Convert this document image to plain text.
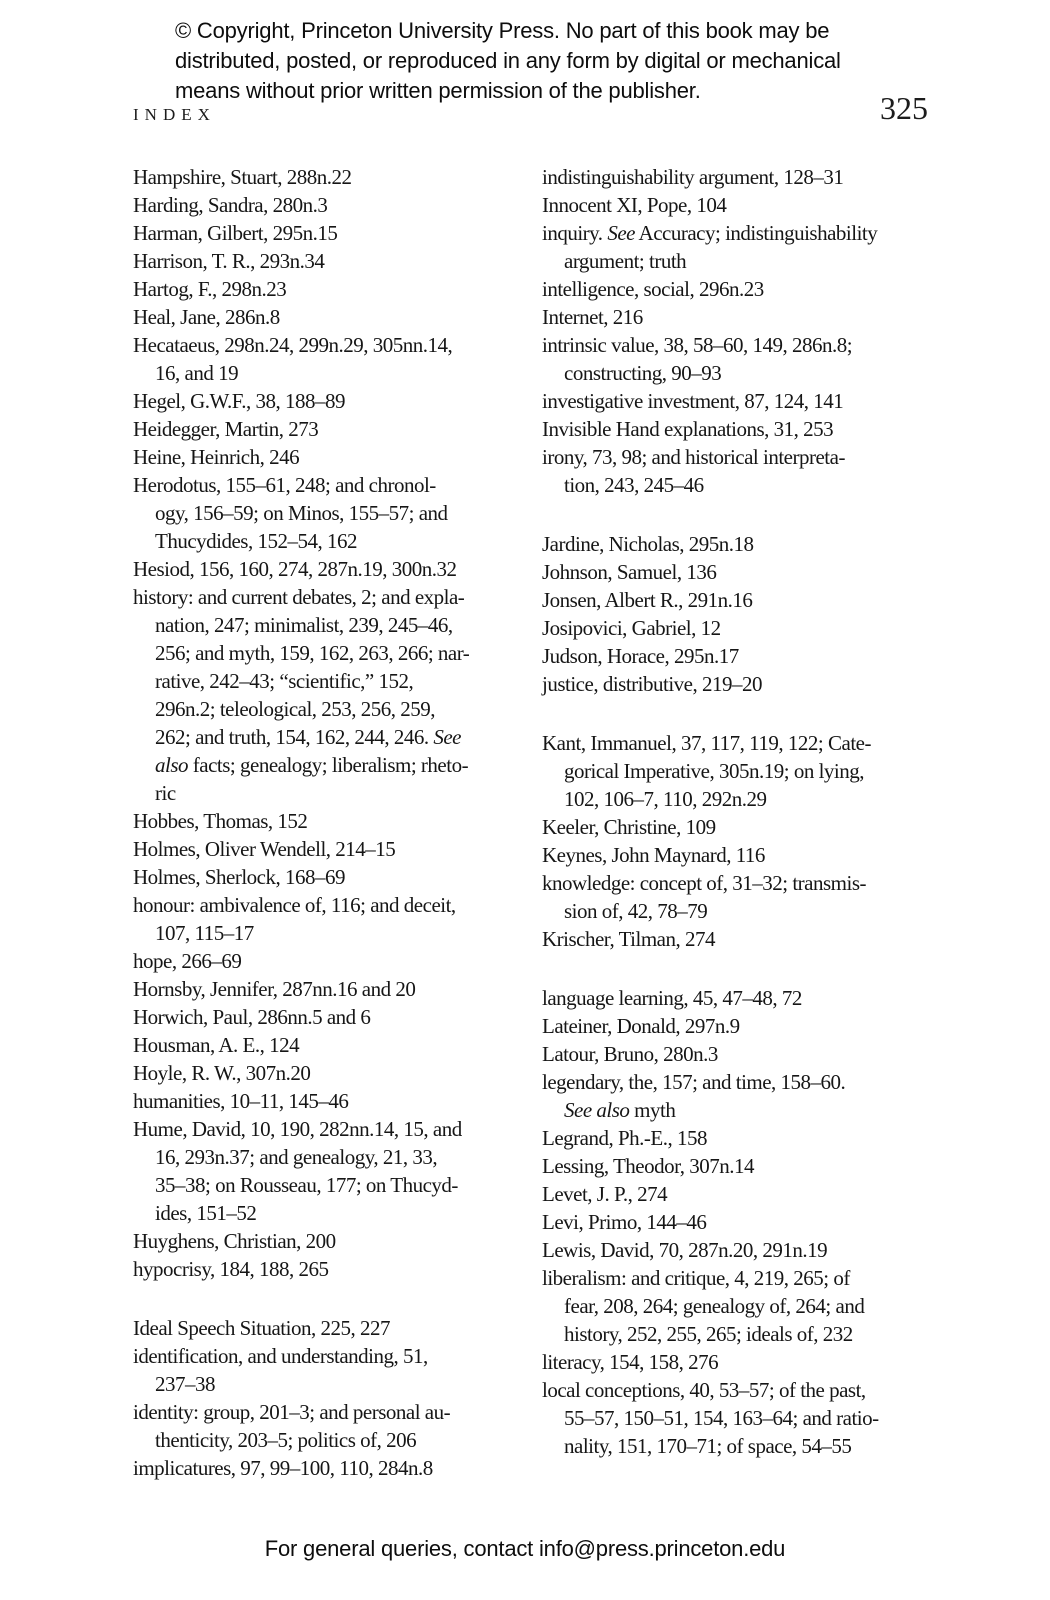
© Copyright, Princeton University Press. No part of this book may be
distributed, posted, or reproduced in any form by digital or mechanical
means without prior written permission of the publisher.
INDEX	325
Hampshire, Stuart, 288n.22
Harding, Sandra, 280n.3
Harman, Gilbert, 295n.15
Harrison, T. R., 293n.34
Hartog, F., 298n.23
Heal, Jane, 286n.8
Hecataeus, 298n.24, 299n.29, 305nn.14,
16, and 19
Hegel, G.W.F., 38, 188–89
Heidegger, Martin, 273
Heine, Heinrich, 246
Herodotus, 155–61, 248; and chronol-
ogy, 156–59; on Minos, 155–57; and
Thucydides, 152–54, 162
Hesiod, 156, 160, 274, 287n.19, 300n.32
history: and current debates, 2; and expla-
nation, 247; minimalist, 239, 245–46,
256; and myth, 159, 162, 263, 266; nar-
rative, 242–43; “scientific,” 152,
296n.2; teleological, 253, 256, 259,
262; and truth, 154, 162, 244, 246. See
also facts; genealogy; liberalism; rheto-
ric
Hobbes, Thomas, 152
Holmes, Oliver Wendell, 214–15
Holmes, Sherlock, 168–69
honour: ambivalence of, 116; and deceit,
107, 115–17
hope, 266–69
Hornsby, Jennifer, 287nn.16 and 20
Horwich, Paul, 286nn.5 and 6
Housman, A. E., 124
Hoyle, R. W., 307n.20
humanities, 10–11, 145–46
Hume, David, 10, 190, 282nn.14, 15, and
16, 293n.37; and genealogy, 21, 33,
35–38; on Rousseau, 177; on Thucyd-
ides, 151–52
Huyghens, Christian, 200
hypocrisy, 184, 188, 265
Ideal Speech Situation, 225, 227
identification, and understanding, 51,
237–38
identity: group, 201–3; and personal au-
thenticity, 203–5; politics of, 206
implicatures, 97, 99–100, 110, 284n.8
indistinguishability argument, 128–31
Innocent XI, Pope, 104
inquiry. See Accuracy; indistinguishability
argument; truth
intelligence, social, 296n.23
Internet, 216
intrinsic value, 38, 58–60, 149, 286n.8;
constructing, 90–93
investigative investment, 87, 124, 141
Invisible Hand explanations, 31, 253
irony, 73, 98; and historical interpreta-
tion, 243, 245–46
Jardine, Nicholas, 295n.18
Johnson, Samuel, 136
Jonsen, Albert R., 291n.16
Josipovici, Gabriel, 12
Judson, Horace, 295n.17
justice, distributive, 219–20
Kant, Immanuel, 37, 117, 119, 122; Cate-
gorical Imperative, 305n.19; on lying,
102, 106–7, 110, 292n.29
Keeler, Christine, 109
Keynes, John Maynard, 116
knowledge: concept of, 31–32; transmis-
sion of, 42, 78–79
Krischer, Tilman, 274
language learning, 45, 47–48, 72
Lateiner, Donald, 297n.9
Latour, Bruno, 280n.3
legendary, the, 157; and time, 158–60.
See also myth
Legrand, Ph.-E., 158
Lessing, Theodor, 307n.14
Levet, J. P., 274
Levi, Primo, 144–46
Lewis, David, 70, 287n.20, 291n.19
liberalism: and critique, 4, 219, 265; of
fear, 208, 264; genealogy of, 264; and
history, 252, 255, 265; ideals of, 232
literacy, 154, 158, 276
local conceptions, 40, 53–57; of the past,
55–57, 150–51, 154, 163–64; and ratio-
nality, 151, 170–71; of space, 54–55
For general queries, contact info@press.princeton.edu
